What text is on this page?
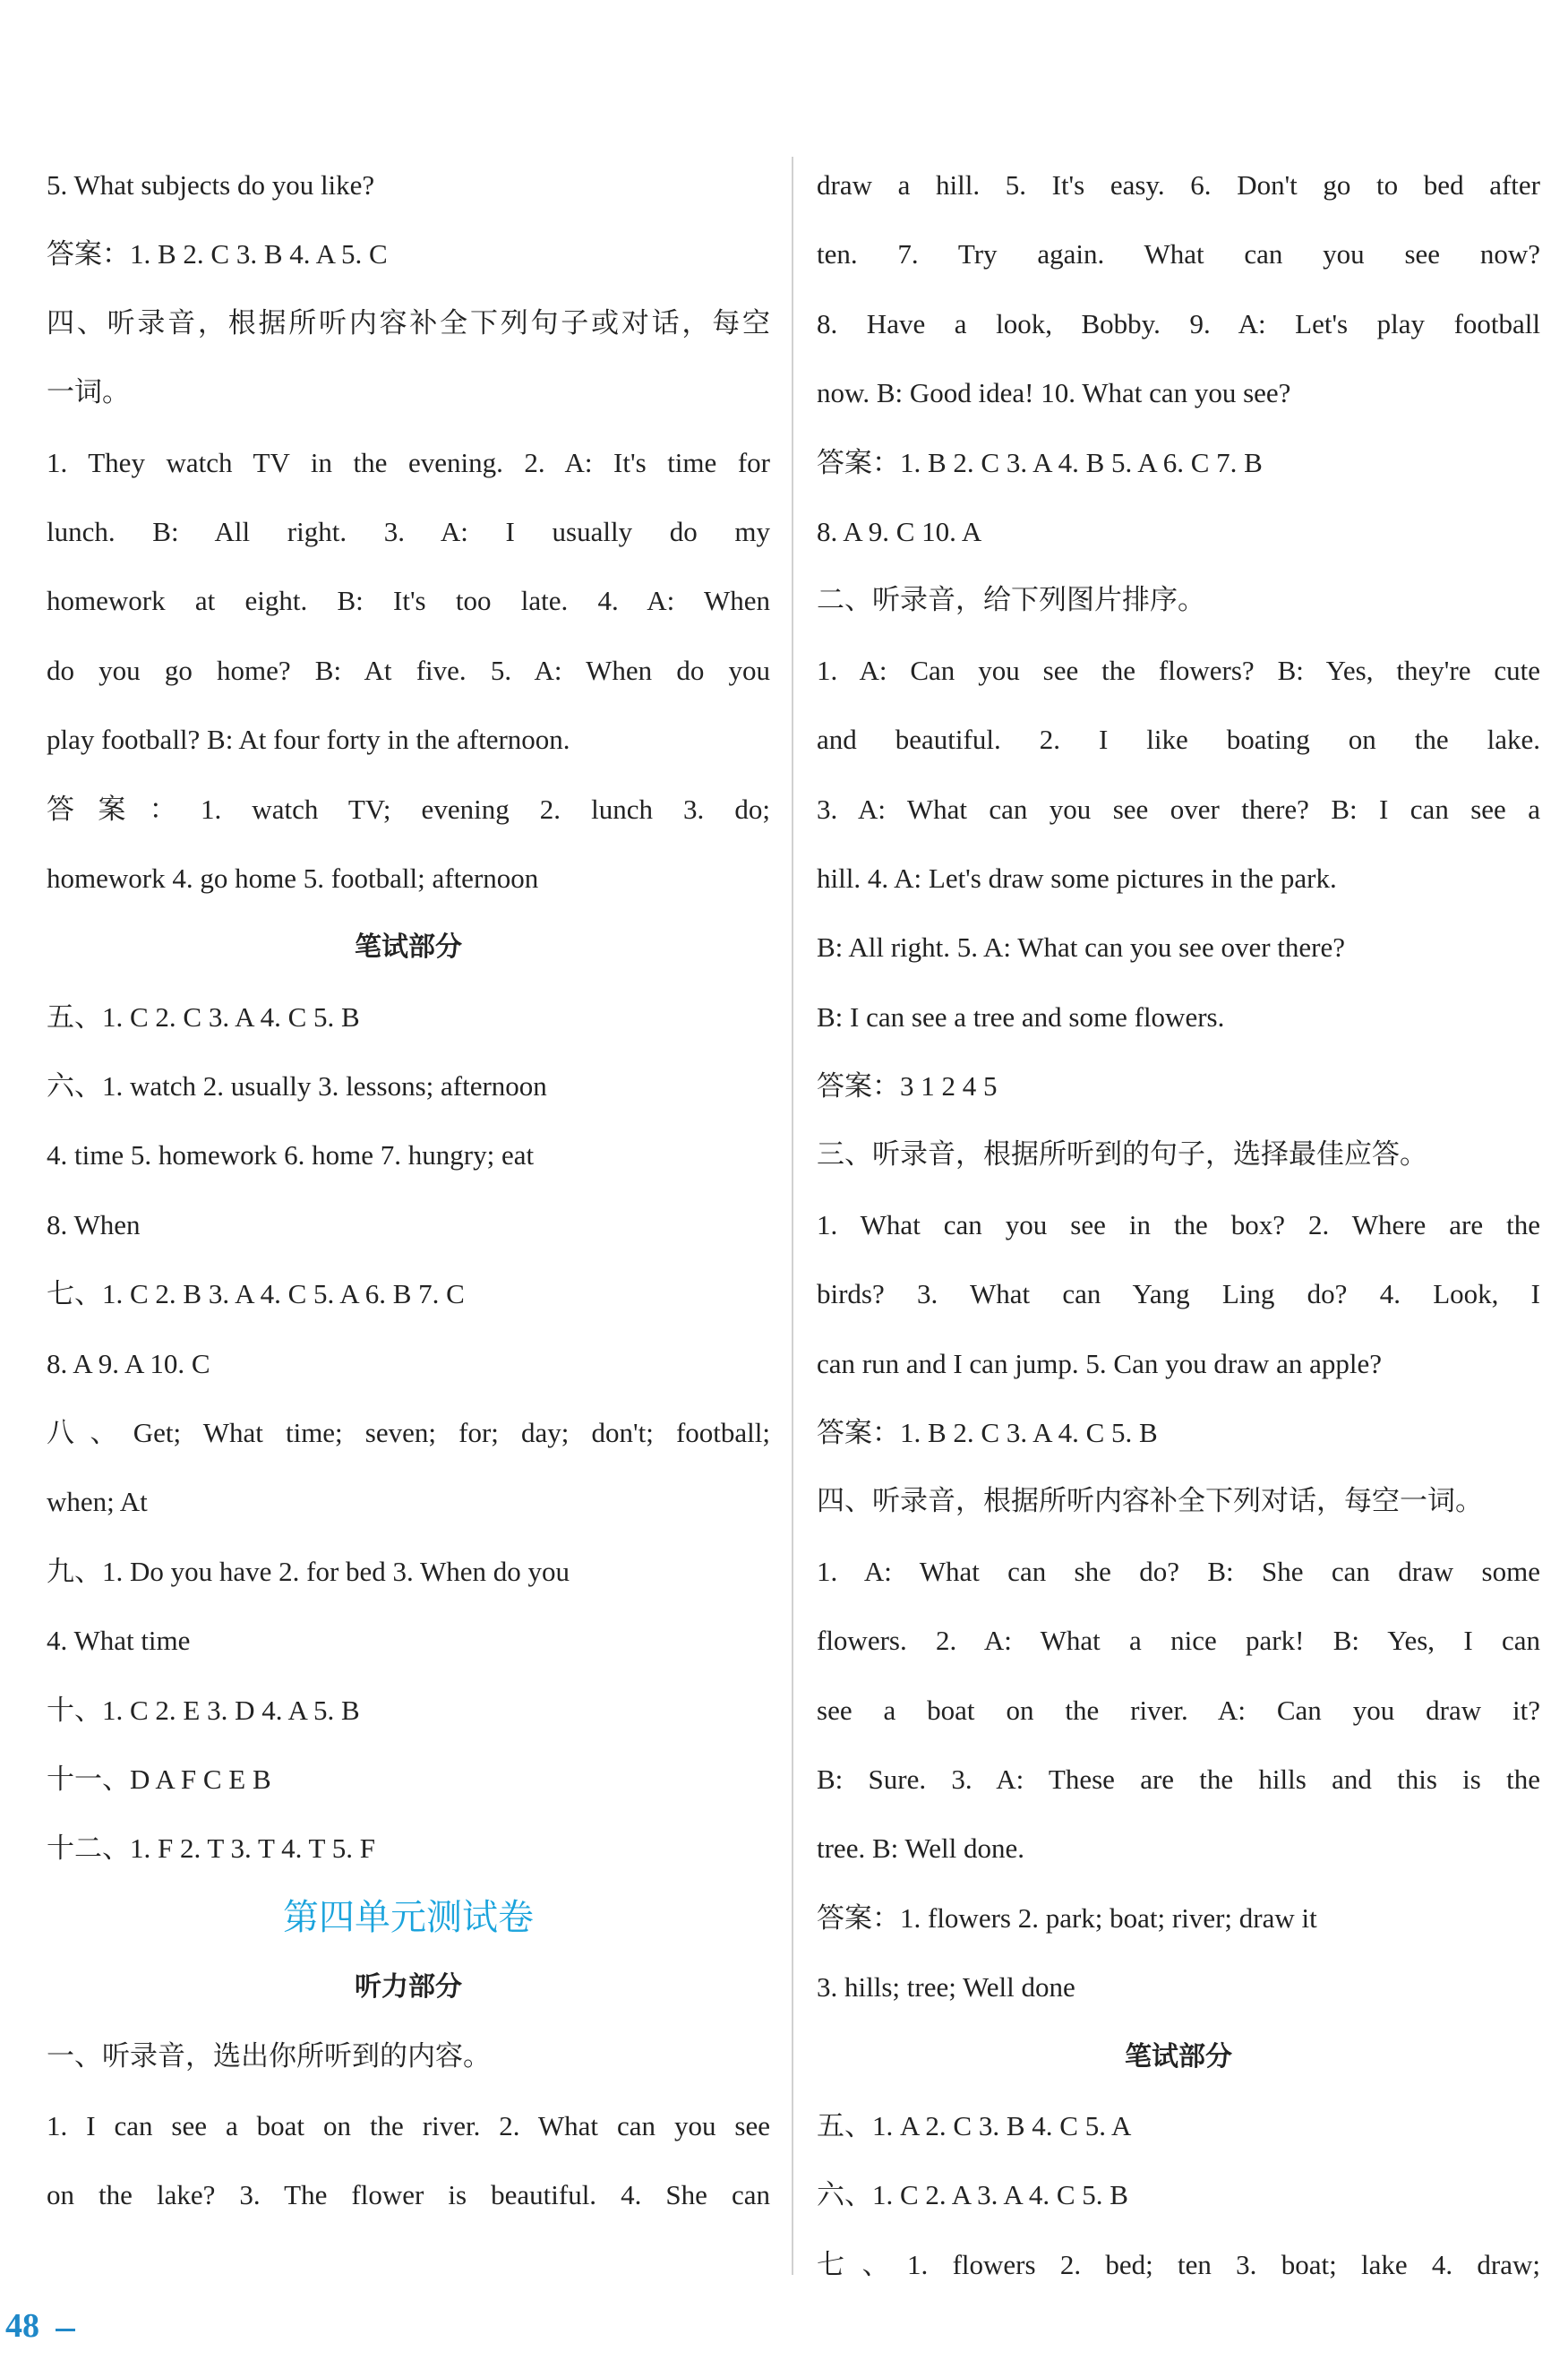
5. What subjects do you like?
答案：1. B 2. C 3. B 4. A 5. C
四、听录音，根据所听内容补全下列句子或对话，每空
一词。
1. They watch TV in the evening. 2. A: It's time for
lunch. B: All right. 3. A: I usually do my
homework at eight. B: It's too late. 4. A: When
do you go home? B: At five. 5. A: When do you
play football? B: At four forty in the afternoon.
答案：1. watch TV; evening 2. lunch 3. do;
homework 4. go home 5. football; afternoon
笔试部分
五、1. C 2. C 3. A 4. C 5. B
六、1. watch 2. usually 3. lessons; afternoon
4. time 5. homework 6. home 7. hungry; eat
8. When
七、1. C 2. B 3. A 4. C 5. A 6. B 7. C
8. A 9. A 10. C
八、Get; What time; seven; for; day; don't; football;
when; At
九、1. Do you have 2. for bed 3. When do you
4. What time
十、1. C 2. E 3. D 4. A 5. B
十一、D A F C E B
十二、1. F 2. T 3. T 4. T 5. F
第四单元测试卷
听力部分
一、听录音，选出你所听到的内容。
1. I can see a boat on the river. 2. What can you see
on the lake? 3. The flower is beautiful. 4. She can
draw a hill. 5. It's easy. 6. Don't go to bed after
ten. 7. Try again. What can you see now?
8. Have a look, Bobby. 9. A: Let's play football
now. B: Good idea! 10. What can you see?
答案：1. B 2. C 3. A 4. B 5. A 6. C 7. B
8. A 9. C 10. A
二、听录音，给下列图片排序。
1. A: Can you see the flowers? B: Yes, they're cute
and beautiful. 2. I like boating on the lake.
3. A: What can you see over there? B: I can see a
hill. 4. A: Let's draw some pictures in the park.
B: All right. 5. A: What can you see over there?
B: I can see a tree and some flowers.
答案：3 1 2 4 5
三、听录音，根据所听到的句子，选择最佳应答。
1. What can you see in the box? 2. Where are the
birds? 3. What can Yang Ling do? 4. Look, I
can run and I can jump. 5. Can you draw an apple?
答案：1. B 2. C 3. A 4. C 5. B
四、听录音，根据所听内容补全下列对话，每空一词。
1. A: What can she do? B: She can draw some
flowers. 2. A: What a nice park! B: Yes, I can
see a boat on the river. A: Can you draw it?
B: Sure. 3. A: These are the hills and this is the
tree. B: Well done.
答案：1. flowers 2. park; boat; river; draw it
3. hills; tree; Well done
笔试部分
五、1. A 2. C 3. B 4. C 5. A
六、1. C 2. A 3. A 4. C 5. B
七、1. flowers 2. bed; ten 3. boat; lake 4. draw;
48
